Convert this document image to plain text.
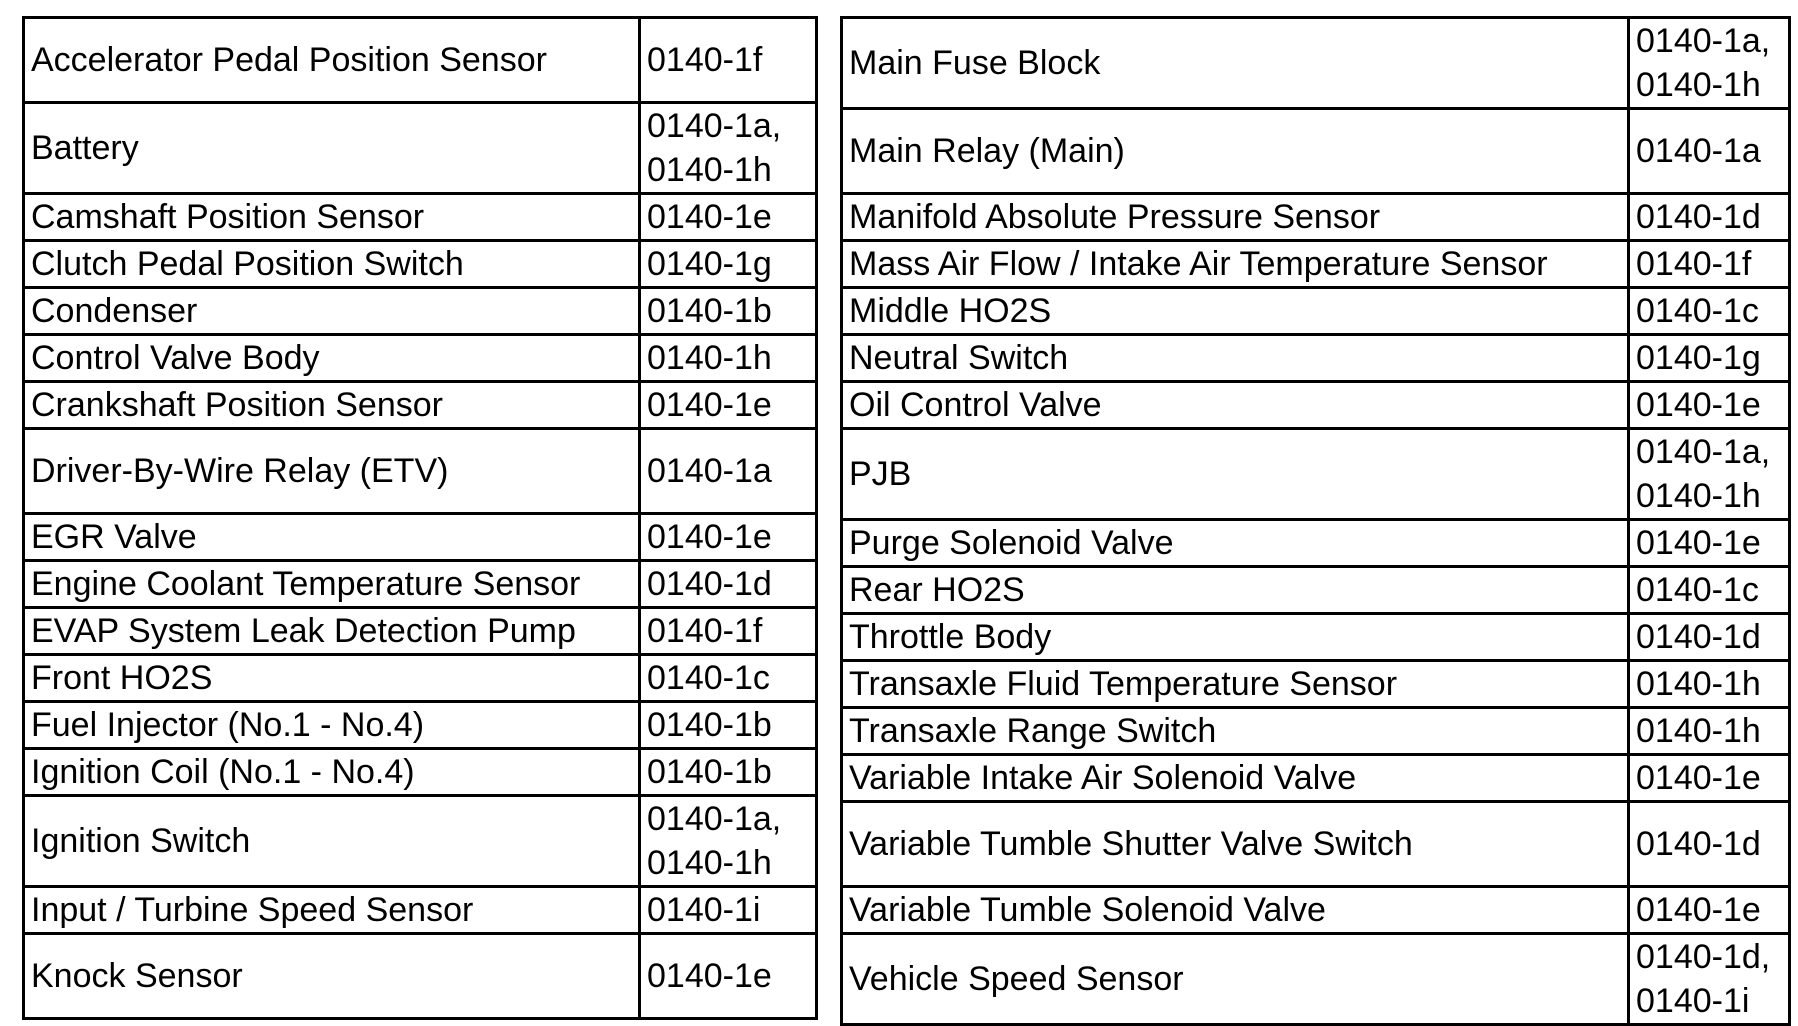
Accelerator Pedal Position Sensor	0140-1f

Battery	0140-1a,
0140-1h

Camshaft Position Sensor	0140-1e

Clutch Pedal Position Switch	0140-1g

Condenser	0140-1b

Control Valve Body	0140-1h

Crankshaft Position Sensor	0140-1e

Driver-By-Wire Relay (ETV)	0140-1a

EGR Valve	0140-1e

Engine Coolant Temperature Sensor	0140-1d

EVAP System Leak Detection Pump	0140-1f

Front HO2S	0140-1c

Fuel Injector (No.1 - No.4)	0140-1b

Ignition Coil (No.1 - No.4)	0140-1b

Ignition Switch	0140-1a,
0140-1h

Input / Turbine Speed Sensor	0140-1i

Knock Sensor	0140-1e
Main Fuse Block	0140-1a,
0140-1h

Main Relay (Main)	0140-1a

Manifold Absolute Pressure Sensor	0140-1d

Mass Air Flow / Intake Air Temperature Sensor	0140-1f

Middle HO2S	0140-1c

Neutral Switch	0140-1g

Oil Control Valve	0140-1e

PJB	0140-1a,
0140-1h

Purge Solenoid Valve	0140-1e

Rear HO2S	0140-1c

Throttle Body	0140-1d

Transaxle Fluid Temperature Sensor	0140-1h

Transaxle Range Switch	0140-1h

Variable Intake Air Solenoid Valve	0140-1e

Variable Tumble Shutter Valve Switch	0140-1d

Variable Tumble Solenoid Valve	0140-1e

Vehicle Speed Sensor	0140-1d,
0140-1i
